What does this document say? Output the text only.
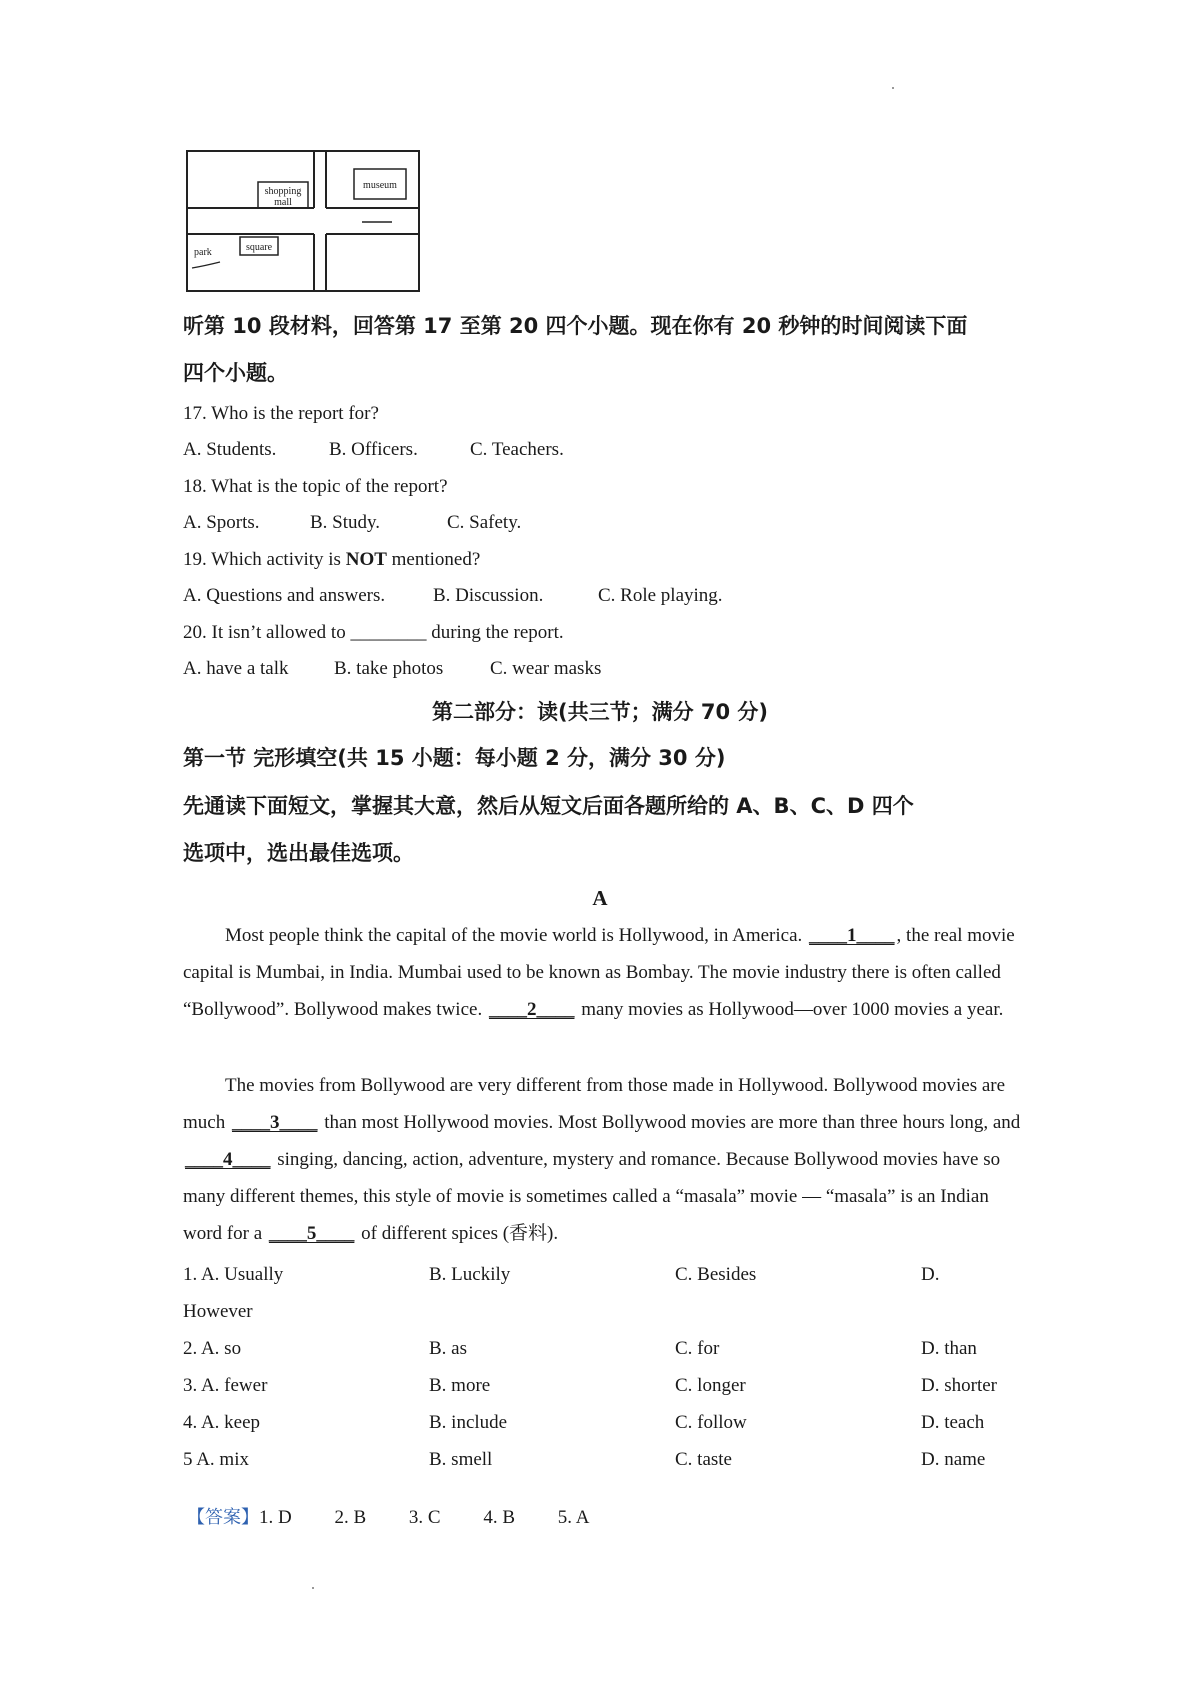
shopping
mall
museum
park	square
听第 10 段材料，回答第 17 至第 20 四个小题。现在你有 20 秒钟的时间阅读下面
四个小题。
17. Who is the report for?
A. Students.	B. Officers.	C. Teachers.
18. What is the topic of the report?
A. Sports.	B. Study.	C. Safety.
19. Which activity is NOT mentioned?
A. Questions and answers.	B. Discussion.	C. Role playing.
20. It isn’t allowed to ________ during the report.
A. have a talk B. take photos C. wear masks
第二部分：读(共三节；满分 70 分)
第一节 完形填空(共 15 小题：每小题 2 分，满分 30 分)
先通读下面短文，掌握其大意，然后从短文后面各题所给的 A、B、C、D 四个
选项中，选出最佳选项。
A
Most people think the capital of the movie world is Hollywood, in America. ____1____ , the real movie capital is Mumbai, in India. Mumbai used to be known as Bombay. The movie industry there is often called “Bollywood”. Bollywood makes twice. ____2____ many movies as Hollywood—over 1000 movies a year.
The movies from Bollywood are very different from those made in Hollywood. Bollywood movies are much ____3____ than most Hollywood movies. Most Bollywood movies are more than three hours long, and ____4____ singing, dancing, action, adventure, mystery and romance. Because Bollywood movies have so many different themes, this style of movie is sometimes called a “masala” movie — “masala” is an Indian word for a ____5____ of different spices (香料).
1. A. Usually	B. Luckily	C. Besides	D.
However
2. A. so	B. as	C. for	D. than
3. A. fewer	B. more	C. longer	D. shorter
4. A. keep	B. include	C. follow	D. teach
5 A. mix	B. smell	C. taste	D. name
【答案】1. D 2. B 3. C 4. B 5. A
